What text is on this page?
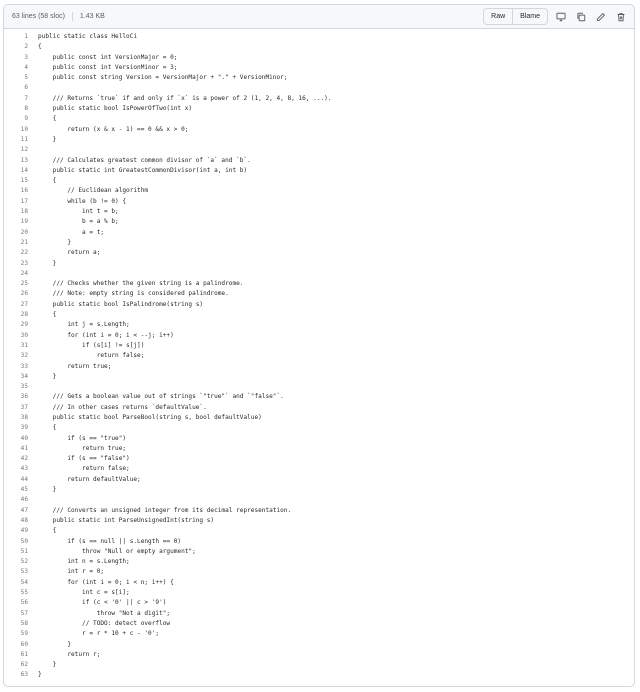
63 lines (58 sloc) 1.43 KB	Raw	Blame
1	public static class HelloCi
2	{
3	public const int VersionMajor = 0;
4	public const int VersionMinor = 3;
5	public const string Version = VersionMajor + "." + VersionMinor;
6
7	/// Returns `true` if and only if `x` is a power of 2 (1, 2, 4, 8, 16, ...).
8	public static bool IsPowerOfTwo(int x)
9	{
10	return (x & x - 1) == 0 && x > 0;
11	}
12
13	/// Calculates greatest common divisor of `a` and `b`.
14	public static int GreatestCommonDivisor(int a, int b)
15	{
16	// Euclidean algorithm
17	while (b != 0) {
18	int t = b;
19	b = a % b;
20	a = t;
21	}
22	return a;
23	}
24
25	/// Checks whether the given string is a palindrome.
26	/// Note: empty string is considered palindrome.
27	public static bool IsPalindrome(string s)
28	{
29	int j = s.Length;
30	for (int i = 0; i < --j; i++)
31	if (s[i] != s[j])
32	return false;
33	return true;
34	}
35
36	/// Gets a boolean value out of strings `"true"` and `"false"`.
37	/// In other cases returns `defaultValue`.
38	public static bool ParseBool(string s, bool defaultValue)
39	{
40	if (s == "true")
41	return true;
42	if (s == "false")
43	return false;
44	return defaultValue;
45	}
46
47	/// Converts an unsigned integer from its decimal representation.
48	public static int ParseUnsignedInt(string s)
49	{
50	if (s == null || s.Length == 0)
51	throw "Null or empty argument";
52	int n = s.Length;
53	int r = 0;
54	for (int i = 0; i < n; i++) {
55	int c = s[i];
56	if (c < '0' || c > '9')
57	throw "Not a digit";
58	// TODO: detect overflow
59	r = r * 10 + c - '0';
60	}
61	return r;
62	}
63	}
